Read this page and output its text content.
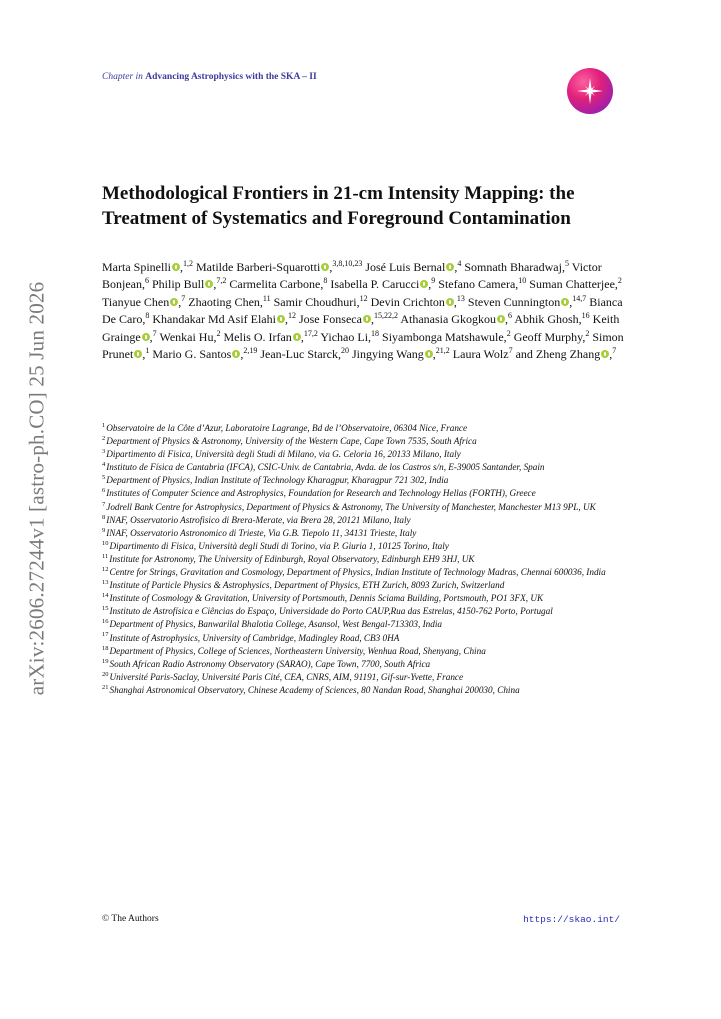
arXiv:2606.27244v1 [astro-ph.CO] 25 Jun 2026
Chapter in Advancing Astrophysics with the SKA – II
Methodological Frontiers in 21-cm Intensity Mapping: the Treatment of Systematics and Foreground Contamination

Marta Spinelli ,$^{1,2}$ Matilde Barberi-Squarotti ,$^{3,8,10,23}$ José Luis Bernal ,$^4$ Somnath Bharadwaj,$^5$ Victor Bonjean,$^6$ Philip Bull ,$^{7,2}$ Carmelita Carbone,$^8$ Isabella P. Carucci ,$^9$ Stefano Camera,$^{10}$ Suman Chatterjee,$^2$ Tianyue Chen ,$^7$ Zhaoting Chen,$^{11}$ Samir Choudhuri,$^{12}$ Devin Crichton ,$^{13}$ Steven Cunnington ,$^{14,7}$ Bianca De Caro,$^8$ Khandakar Md Asif Elahi ,$^{12}$ Jose Fonseca ,$^{15,22,2}$ Athanasia Gkogkou ,$^6$ Abhik Ghosh,$^{16}$ Keith Grainge ,$^7$ Wenkai Hu,$^2$ Melis O. Irfan ,$^{17,2}$ Yichao Li,$^{18}$ Siyambonga Matshawule,$^2$ Geoff Murphy,$^2$ Simon Prunet ,$^1$ Mario G. Santos ,$^{2,19}$ Jean-Luc Starck,$^{20}$ Jingying Wang ,$^{21,2}$ Laura Wolz$^7$ and Zheng Zhang ,$^7$

$^1$Observatoire de la Côte d’Azur, Laboratoire Lagrange, Bd de l’Observatoire, 06304 Nice, France
$^2$Department of Physics & Astronomy, University of the Western Cape, Cape Town 7535, South Africa
$^3$Dipartimento di Fisica, Università degli Studi di Milano, via G. Celoria 16, 20133 Milano, Italy
$^4$Instituto de Física de Cantabria (IFCA), CSIC-Univ. de Cantabria, Avda. de los Castros s/n, E-39005 Santander, Spain
$^5$Department of Physics, Indian Institute of Technology Kharagpur, Kharagpur 721 302, India
$^6$Institutes of Computer Science and Astrophysics, Foundation for Research and Technology Hellas (FORTH), Greece
$^7$Jodrell Bank Centre for Astrophysics, Department of Physics & Astronomy, The University of Manchester, Manchester M13 9PL, UK
$^8$INAF, Osservatorio Astrofisico di Brera-Merate, via Brera 28, 20121 Milano, Italy
$^9$INAF, Osservatorio Astronomico di Trieste, Via G.B. Tiepolo 11, 34131 Trieste, Italy
$^{10}$Dipartimento di Fisica, Università degli Studi di Torino, via P. Giuria 1, 10125 Torino, Italy
$^{11}$Institute for Astronomy, The University of Edinburgh, Royal Observatory, Edinburgh EH9 3HJ, UK
$^{12}$Centre for Strings, Gravitation and Cosmology, Department of Physics, Indian Institute of Technology Madras, Chennai 600036, India
$^{13}$Institute of Particle Physics & Astrophysics, Department of Physics, ETH Zurich, 8093 Zurich, Switzerland
$^{14}$Institute of Cosmology & Gravitation, University of Portsmouth, Dennis Sciama Building, Portsmouth, PO1 3FX, UK
$^{15}$Instituto de Astrofísica e Ciências do Espaço, Universidade do Porto CAUP,Rua das Estrelas, 4150-762 Porto, Portugal
$^{16}$Department of Physics, Banwarilal Bhalotia College, Asansol, West Bengal-713303, India
$^{17}$Institute of Astrophysics, University of Cambridge, Madingley Road, CB3 0HA
$^{18}$Department of Physics, College of Sciences, Northeastern University, Wenhua Road, Shenyang, China
$^{19}$South African Radio Astronomy Observatory (SARAO), Cape Town, 7700, South Africa
$^{20}$Université Paris-Saclay, Université Paris Cité, CEA, CNRS, AIM, 91191, Gif-sur-Yvette, France
$^{21}$Shanghai Astronomical Observatory, Chinese Academy of Sciences, 80 Nandan Road, Shanghai 200030, China
© The Authors	https://skao.int/
